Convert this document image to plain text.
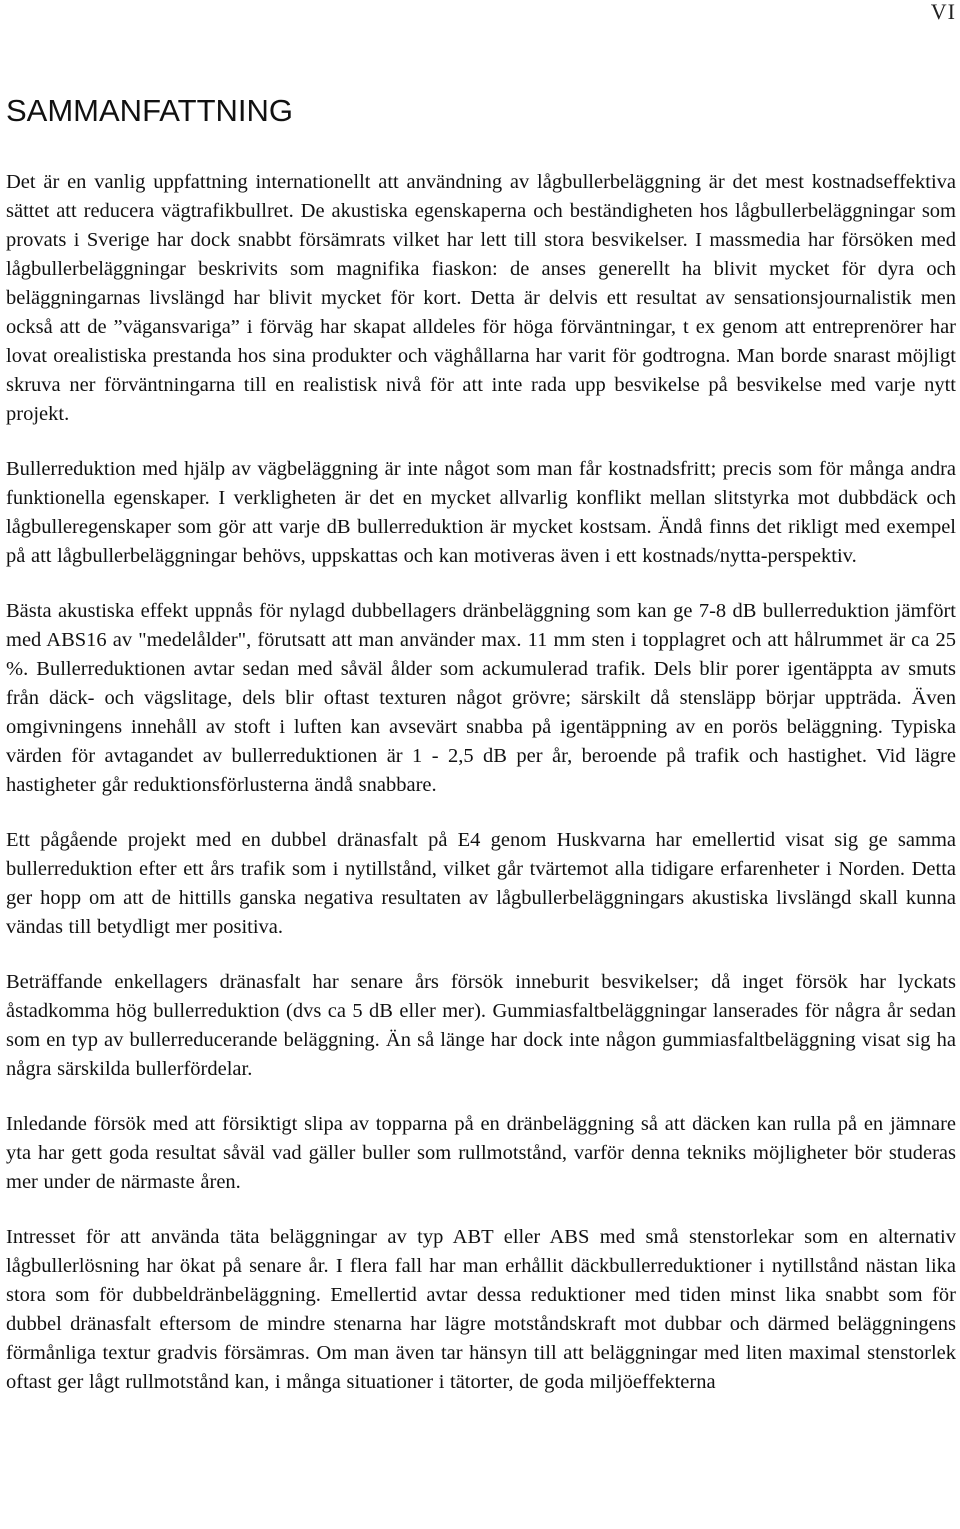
VI
SAMMANFATTNING

Det är en vanlig uppfattning internationellt att användning av lågbullerbeläggning är det mest kostnadseffektiva sättet att reducera vägtrafikbullret. De akustiska egenskaperna och beständigheten hos lågbullerbeläggningar som provats i Sverige har dock snabbt försämrats vilket har lett till stora besvikelser. I massmedia har försöken med lågbullerbeläggningar beskrivits som magnifika fiaskon: de anses generellt ha blivit mycket för dyra och beläggningarnas livslängd har blivit mycket för kort. Detta är delvis ett resultat av sensationsjournalistik men också att de ”vägansvariga” i förväg har skapat alldeles för höga förväntningar, t ex genom att entreprenörer har lovat orealistiska prestanda hos sina produkter och väghållarna har varit för godtrogna. Man borde snarast möjligt skruva ner förväntningarna till en realistisk nivå för att inte rada upp besvikelse på besvikelse med varje nytt projekt.

Bullerreduktion med hjälp av vägbeläggning är inte något som man får kostnadsfritt; precis som för många andra funktionella egenskaper. I verkligheten är det en mycket allvarlig konflikt mellan slitstyrka mot dubbdäck och lågbulleregenskaper som gör att varje dB bullerreduktion är mycket kostsam. Ändå finns det rikligt med exempel på att lågbullerbeläggningar behövs, uppskattas och kan motiveras även i ett kostnads/nytta-perspektiv.

Bästa akustiska effekt uppnås för nylagd dubbellagers dränbeläggning som kan ge 7-8 dB bullerreduktion jämfört med ABS16 av "medelålder", förutsatt att man använder max. 11 mm sten i topplagret och att hålrummet är ca 25 %. Bullerreduktionen avtar sedan med såväl ålder som ackumulerad trafik. Dels blir porer igentäppta av smuts från däck- och vägslitage, dels blir oftast texturen något grövre; särskilt då stensläpp börjar uppträda. Även omgivningens innehåll av stoft i luften kan avsevärt snabba på igentäppning av en porös beläggning. Typiska värden för avtagandet av bullerreduktionen är 1 - 2,5 dB per år, beroende på trafik och hastighet. Vid lägre hastigheter går reduktionsförlusterna ändå snabbare.

Ett pågående projekt med en dubbel dränasfalt på E4 genom Huskvarna har emellertid visat sig ge samma bullerreduktion efter ett års trafik som i nytillstånd, vilket går tvärtemot alla tidigare erfarenheter i Norden. Detta ger hopp om att de hittills ganska negativa resultaten av lågbullerbeläggningars akustiska livslängd skall kunna vändas till betydligt mer positiva.

Beträffande enkellagers dränasfalt har senare års försök inneburit besvikelser; då inget försök har lyckats åstadkomma hög bullerreduktion (dvs ca 5 dB eller mer). Gummiasfaltbeläggningar lanserades för några år sedan som en typ av bullerreducerande beläggning. Än så länge har dock inte någon gummiasfaltbeläggning visat sig ha några särskilda bullerfördelar.

Inledande försök med att försiktigt slipa av topparna på en dränbeläggning så att däcken kan rulla på en jämnare yta har gett goda resultat såväl vad gäller buller som rullmotstånd, varför denna tekniks möjligheter bör studeras mer under de närmaste åren.

Intresset för att använda täta beläggningar av typ ABT eller ABS med små stenstorlekar som en alternativ lågbullerlösning har ökat på senare år. I flera fall har man erhållit däckbullerreduktioner i nytillstånd nästan lika stora som för dubbeldränbeläggning. Emellertid avtar dessa reduktioner med tiden minst lika snabbt som för dubbel dränasfalt eftersom de mindre stenarna har lägre motståndskraft mot dubbar och därmed beläggningens förmånliga textur gradvis försämras. Om man även tar hänsyn till att beläggningar med liten maximal stenstorlek oftast ger lågt rullmotstånd kan, i många situationer i tätorter, de goda miljöeffekterna
